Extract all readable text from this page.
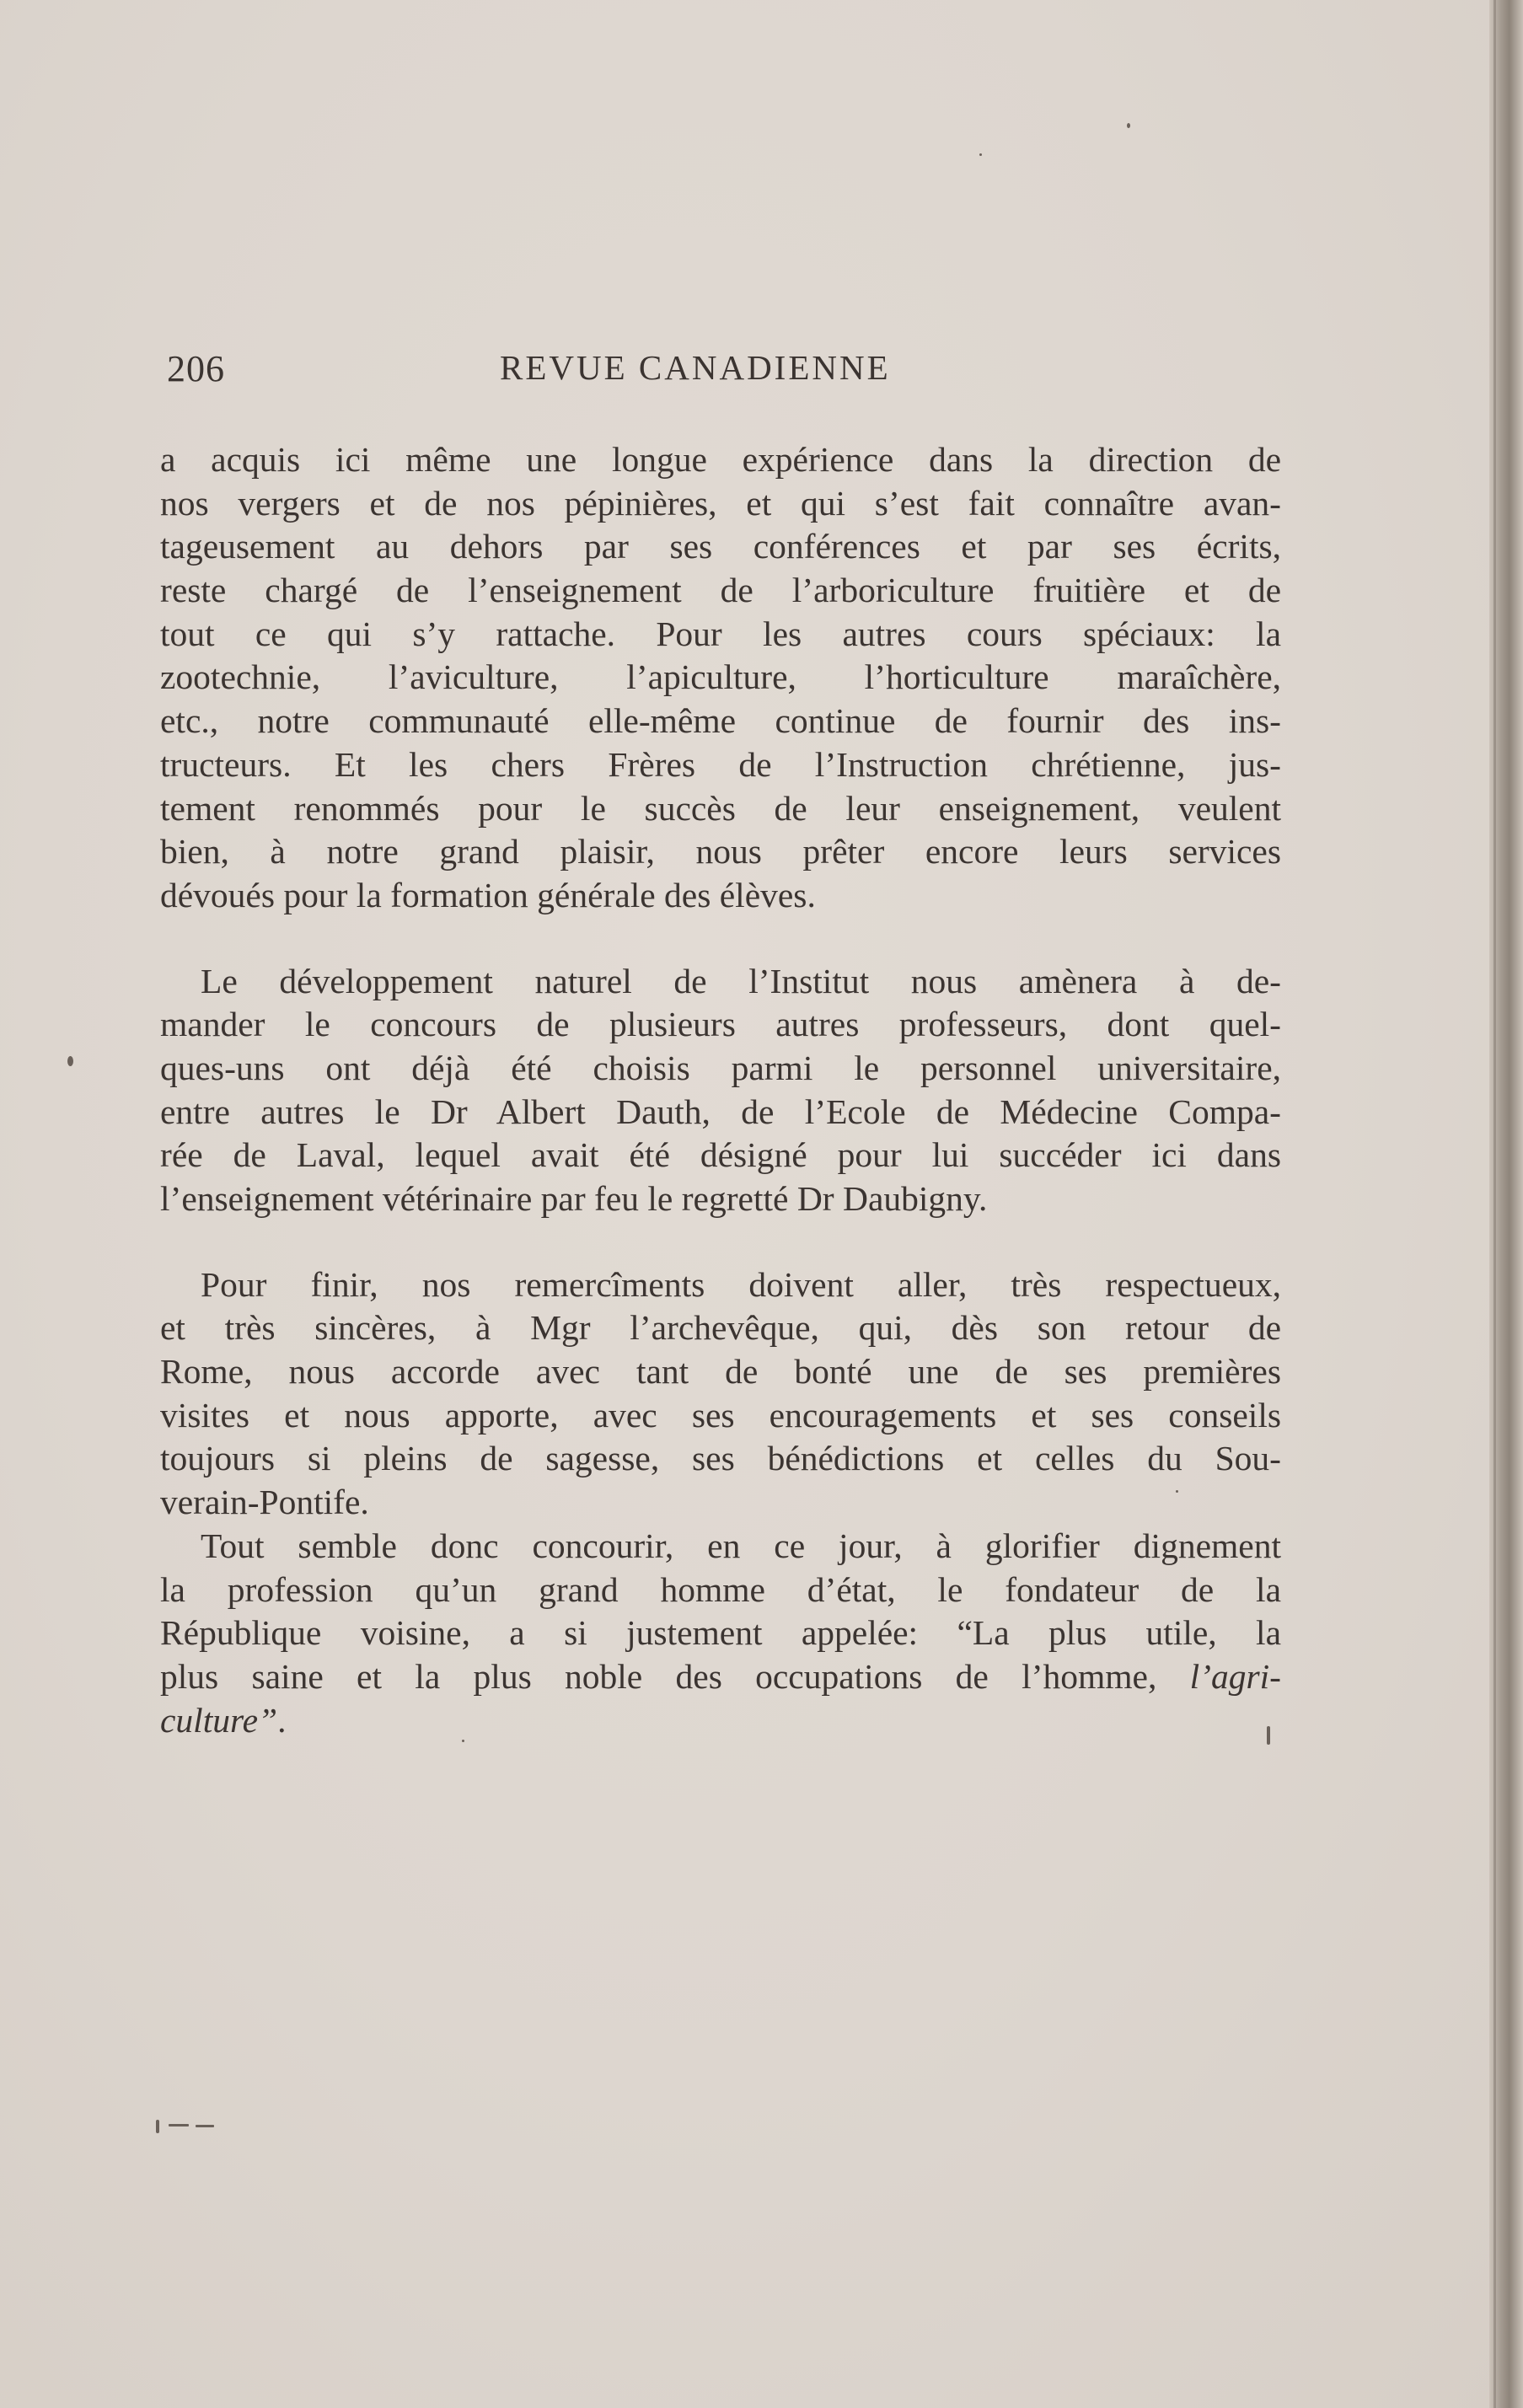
206	REVUE CANADIENNE
a acquis ici même une longue expérience dans la direction de
nos vergers et de nos pépinières, et qui s’est fait connaître avan-
tageusement au dehors par ses conférences et par ses écrits,
reste chargé de l’enseignement de l’arboriculture fruitière et de
tout ce qui s’y rattache. Pour les autres cours spéciaux: la
zootechnie, l’aviculture, l’apiculture, l’horticulture maraîchère,
etc., notre communauté elle-même continue de fournir des ins-
tructeurs. Et les chers Frères de l’Instruction chrétienne, jus-
tement renommés pour le succès de leur enseignement, veulent
bien, à notre grand plaisir, nous prêter encore leurs services
dévoués pour la formation générale des élèves.
Le développement naturel de l’Institut nous amènera à de-
mander le concours de plusieurs autres professeurs, dont quel-
ques-uns ont déjà été choisis parmi le personnel universitaire,
entre autres le Dr Albert Dauth, de l’Ecole de Médecine Compa-
rée de Laval, lequel avait été désigné pour lui succéder ici dans
l’enseignement vétérinaire par feu le regretté Dr Daubigny.
Pour finir, nos remercîments doivent aller, très respectueux,
et très sincères, à Mgr l’archevêque, qui, dès son retour de
Rome, nous accorde avec tant de bonté une de ses premières
visites et nous apporte, avec ses encouragements et ses conseils
toujours si pleins de sagesse, ses bénédictions et celles du Sou-
verain-Pontife.
Tout semble donc concourir, en ce jour, à glorifier dignement
la profession qu’un grand homme d’état, le fondateur de la
République voisine, a si justement appelée: “La plus utile, la
plus saine et la plus noble des occupations de l’homme, l’agri-
culture”.
